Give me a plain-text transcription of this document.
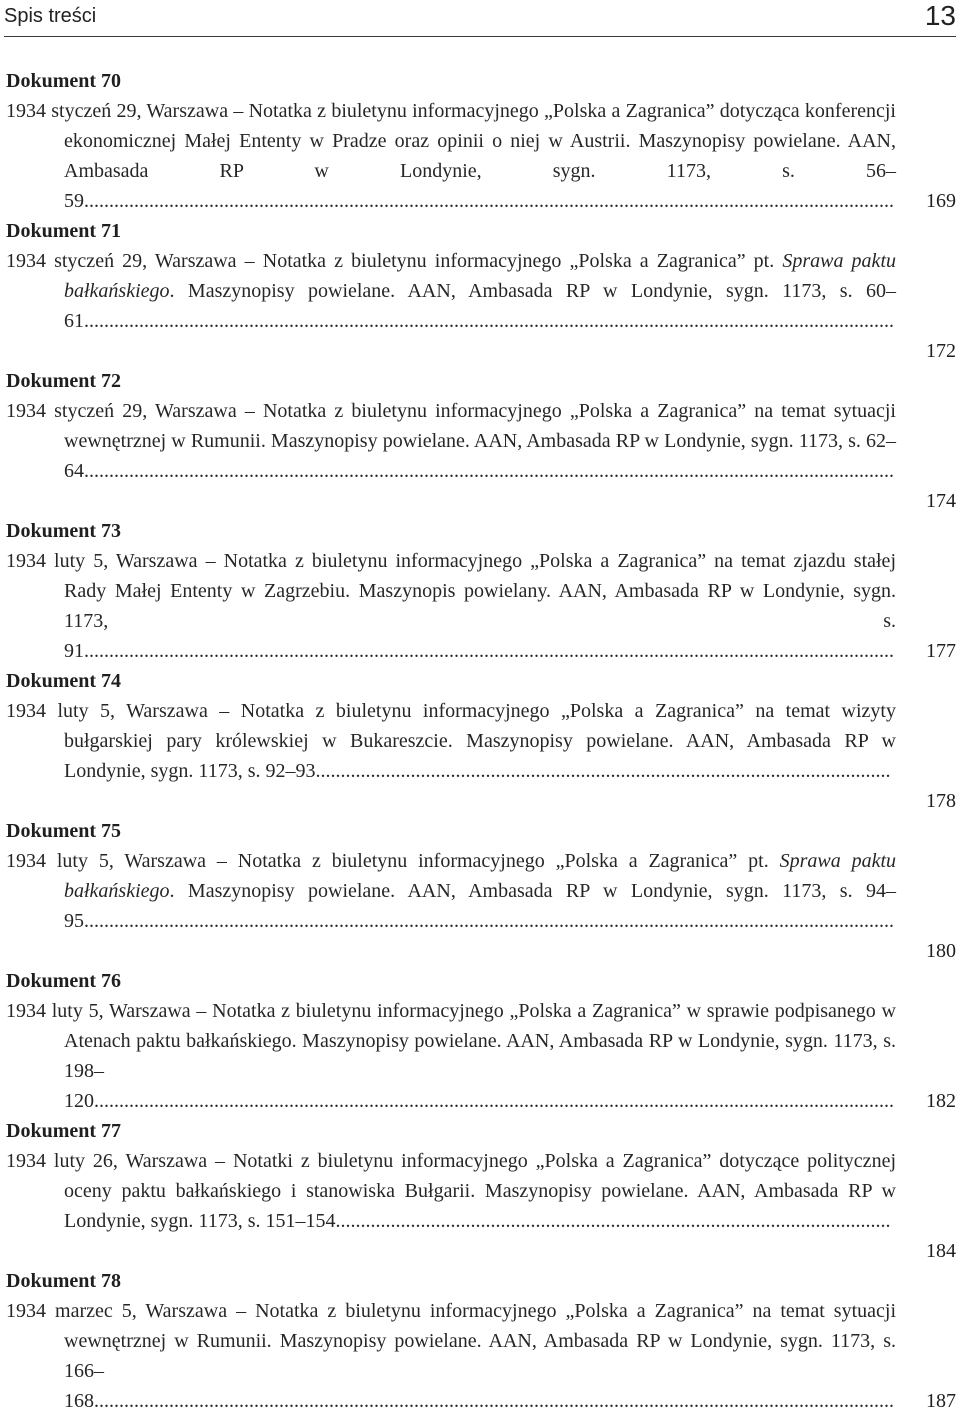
Spis treści	13
Dokument 70
1934 styczeń 29, Warszawa – Notatka z biuletynu informacyjnego „Polska a Zagranica” dotycząca konferencji ekonomicznej Małej Ententy w Pradze oraz opinii o niej w Austrii. Maszynopisy powielane. AAN, Ambasada RP w Londynie, sygn. 1173, s. 56–59.................................................................................................................................................................. 169
Dokument 71
1934 styczeń 29, Warszawa – Notatka z biuletynu informacyjnego „Polska a Zagranica” pt. Sprawa paktu bałkańskiego. Maszynopisy powielane. AAN, Ambasada RP w Londynie, sygn. 1173, s. 60–61..................................................................................................................................................................
172
Dokument 72
1934 styczeń 29, Warszawa – Notatka z biuletynu informacyjnego „Polska a Zagranica” na temat sytuacji wewnętrznej w Rumunii. Maszynopisy powielane. AAN, Ambasada RP w Londynie, sygn. 1173, s. 62–64..................................................................................................................................................................
174
Dokument 73
1934 luty 5, Warszawa – Notatka z biuletynu informacyjnego „Polska a Zagranica” na temat zjazdu stałej Rady Małej Ententy w Zagrzebiu. Maszynopis powielany. AAN, Ambasada RP w Londynie, sygn. 1173, s. 91.................................................................................................................................................................. 177
Dokument 74
1934 luty 5, Warszawa – Notatka z biuletynu informacyjnego „Polska a Zagranica” na temat wizyty bułgarskiej pary królewskiej w Bukareszcie. Maszynopisy powielane. AAN, Ambasada RP w Londynie, sygn. 1173, s. 92–93...................................................................................................................
178
Dokument 75
1934 luty 5, Warszawa – Notatka z biuletynu informacyjnego „Polska a Zagranica” pt. Sprawa paktu bałkańskiego. Maszynopisy powielane. AAN, Ambasada RP w Londynie, sygn. 1173, s. 94–95..................................................................................................................................................................
180
Dokument 76
1934 luty 5, Warszawa – Notatka z biuletynu informacyjnego „Polska a Zagranica” w sprawie podpisanego w Atenach paktu bałkańskiego. Maszynopisy powielane. AAN, Ambasada RP w Londynie, sygn. 1173, s. 198–120................................................................................................................................................................ 182
Dokument 77
1934 luty 26, Warszawa – Notatki z biuletynu informacyjnego „Polska a Zagranica” dotyczące politycznej oceny paktu bałkańskiego i stanowiska Bułgarii. Maszynopisy powielane. AAN, Ambasada RP w Londynie, sygn. 1173, s. 151–154...............................................................................................................
184
Dokument 78
1934 marzec 5, Warszawa – Notatka z biuletynu informacyjnego „Polska a Zagranica” na temat sytuacji wewnętrznej w Rumunii. Maszynopisy powielane. AAN, Ambasada RP w Londynie, sygn. 1173, s. 166–168................................................................................................................................................................ 187
